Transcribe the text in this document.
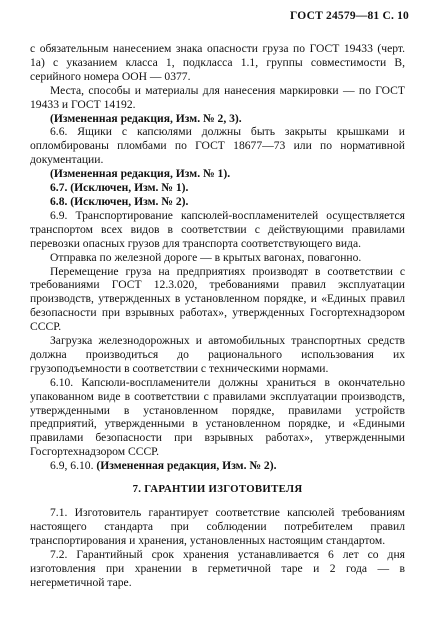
ГОСТ 24579—81 С. 10

с обязательным нанесением знака опасности груза по ГОСТ 19433 (черт. 1а) с указанием класса 1, подкласса 1.1, группы совместимости В, серийного номера ООН — 0377.

Места, способы и материалы для нанесения маркировки — по ГОСТ 19433 и ГОСТ 14192.

(Измененная редакция, Изм. № 2, 3).

6.6. Ящики с капсюлями должны быть закрыты крышками и опломбированы пломбами по ГОСТ 18677—73 или по нормативной документации.

(Измененная редакция, Изм. № 1).

6.7. (Исключен, Изм. № 1).

6.8. (Исключен, Изм. № 2).

6.9. Транспортирование капсюлей-воспламенителей осуществляется транспортом всех видов в соответствии с действующими правилами перевозки опасных грузов для транспорта соответствующего вида.

Отправка по железной дороге — в крытых вагонах, повагонно.

Перемещение груза на предприятиях производят в соответствии с требованиями ГОСТ 12.3.020, требованиями правил эксплуатации производств, утвержденных в установленном порядке, и «Единых правил безопасности при взрывных работах», утвержденных Госгортехнадзором СССР.

Загрузка железнодорожных и автомобильных транспортных средств должна производиться до рационального использования их грузоподъемности в соответствии с техническими нормами.

6.10. Капсюли-воспламенители должны храниться в окончательно упакованном виде в соответствии с правилами эксплуатации производств, утвержденными в установленном порядке, правилами устройств предприятий, утвержденными в установленном порядке, и «Едиными правилами безопасности при взрывных работах», утвержденными Госгортехнадзором СССР.

6.9, 6.10. (Измененная редакция, Изм. № 2).

7. ГАРАНТИИ ИЗГОТОВИТЕЛЯ

7.1. Изготовитель гарантирует соответствие капсюлей требованиям настоящего стандарта при соблюдении потребителем правил транспортирования и хранения, установленных настоящим стандартом.

7.2. Гарантийный срок хранения устанавливается 6 лет со дня изготовления при хранении в герметичной таре и 2 года — в негерметичной таре.
